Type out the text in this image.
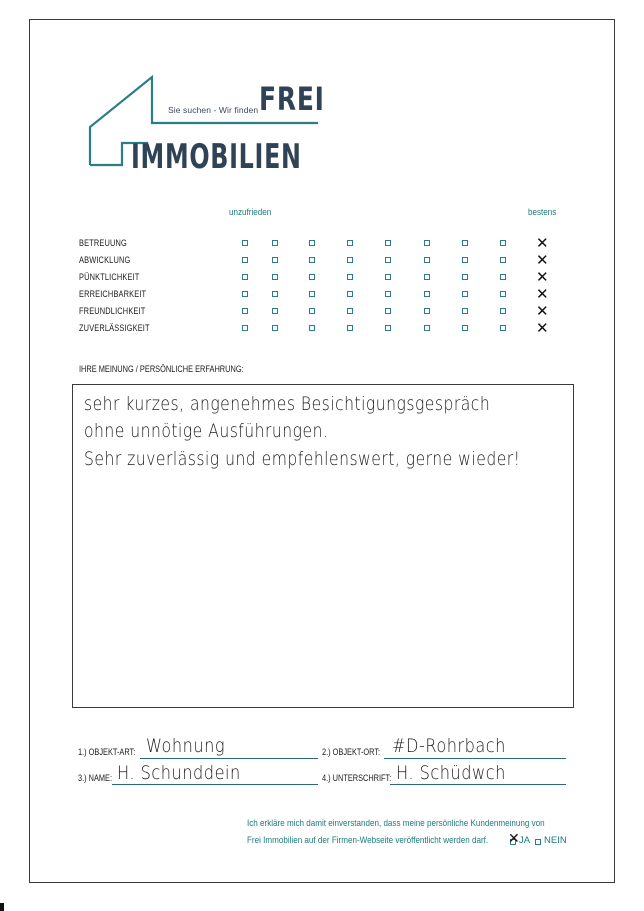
Sie suchen - Wir finden FREI
IMMOBILIEN
unzufrieden	bestens
BETREUUNG	✕
ABWICKLUNG	✕
PÜNKTLICHKEIT	✕
ERREICHBARKEIT	✕
FREUNDLICHKEIT	✕
ZUVERLÄSSIGKEIT	✕
IHRE MEINUNG / PERSÖNLICHE ERFAHRUNG:
sehr kurzes, angenehmes Besichtigungsgespräch
ohne unnötige Ausführungen.
Sehr zuverlässig und empfehlenswert, gerne wieder!
1.) OBJEKT-ART: Wohnung	2.) OBJEKT-ORT: #D-Rohrbach
3.) NAME: H. Schunddein	4.) UNTERSCHRIFT: H. Schüdwch
Ich erkläre mich damit einverstanden, dass meine persönliche Kundenmeinung von
Frei Immobilien auf der Firmen-Webseite veröffentlicht werden darf. ✕ JA NEIN
